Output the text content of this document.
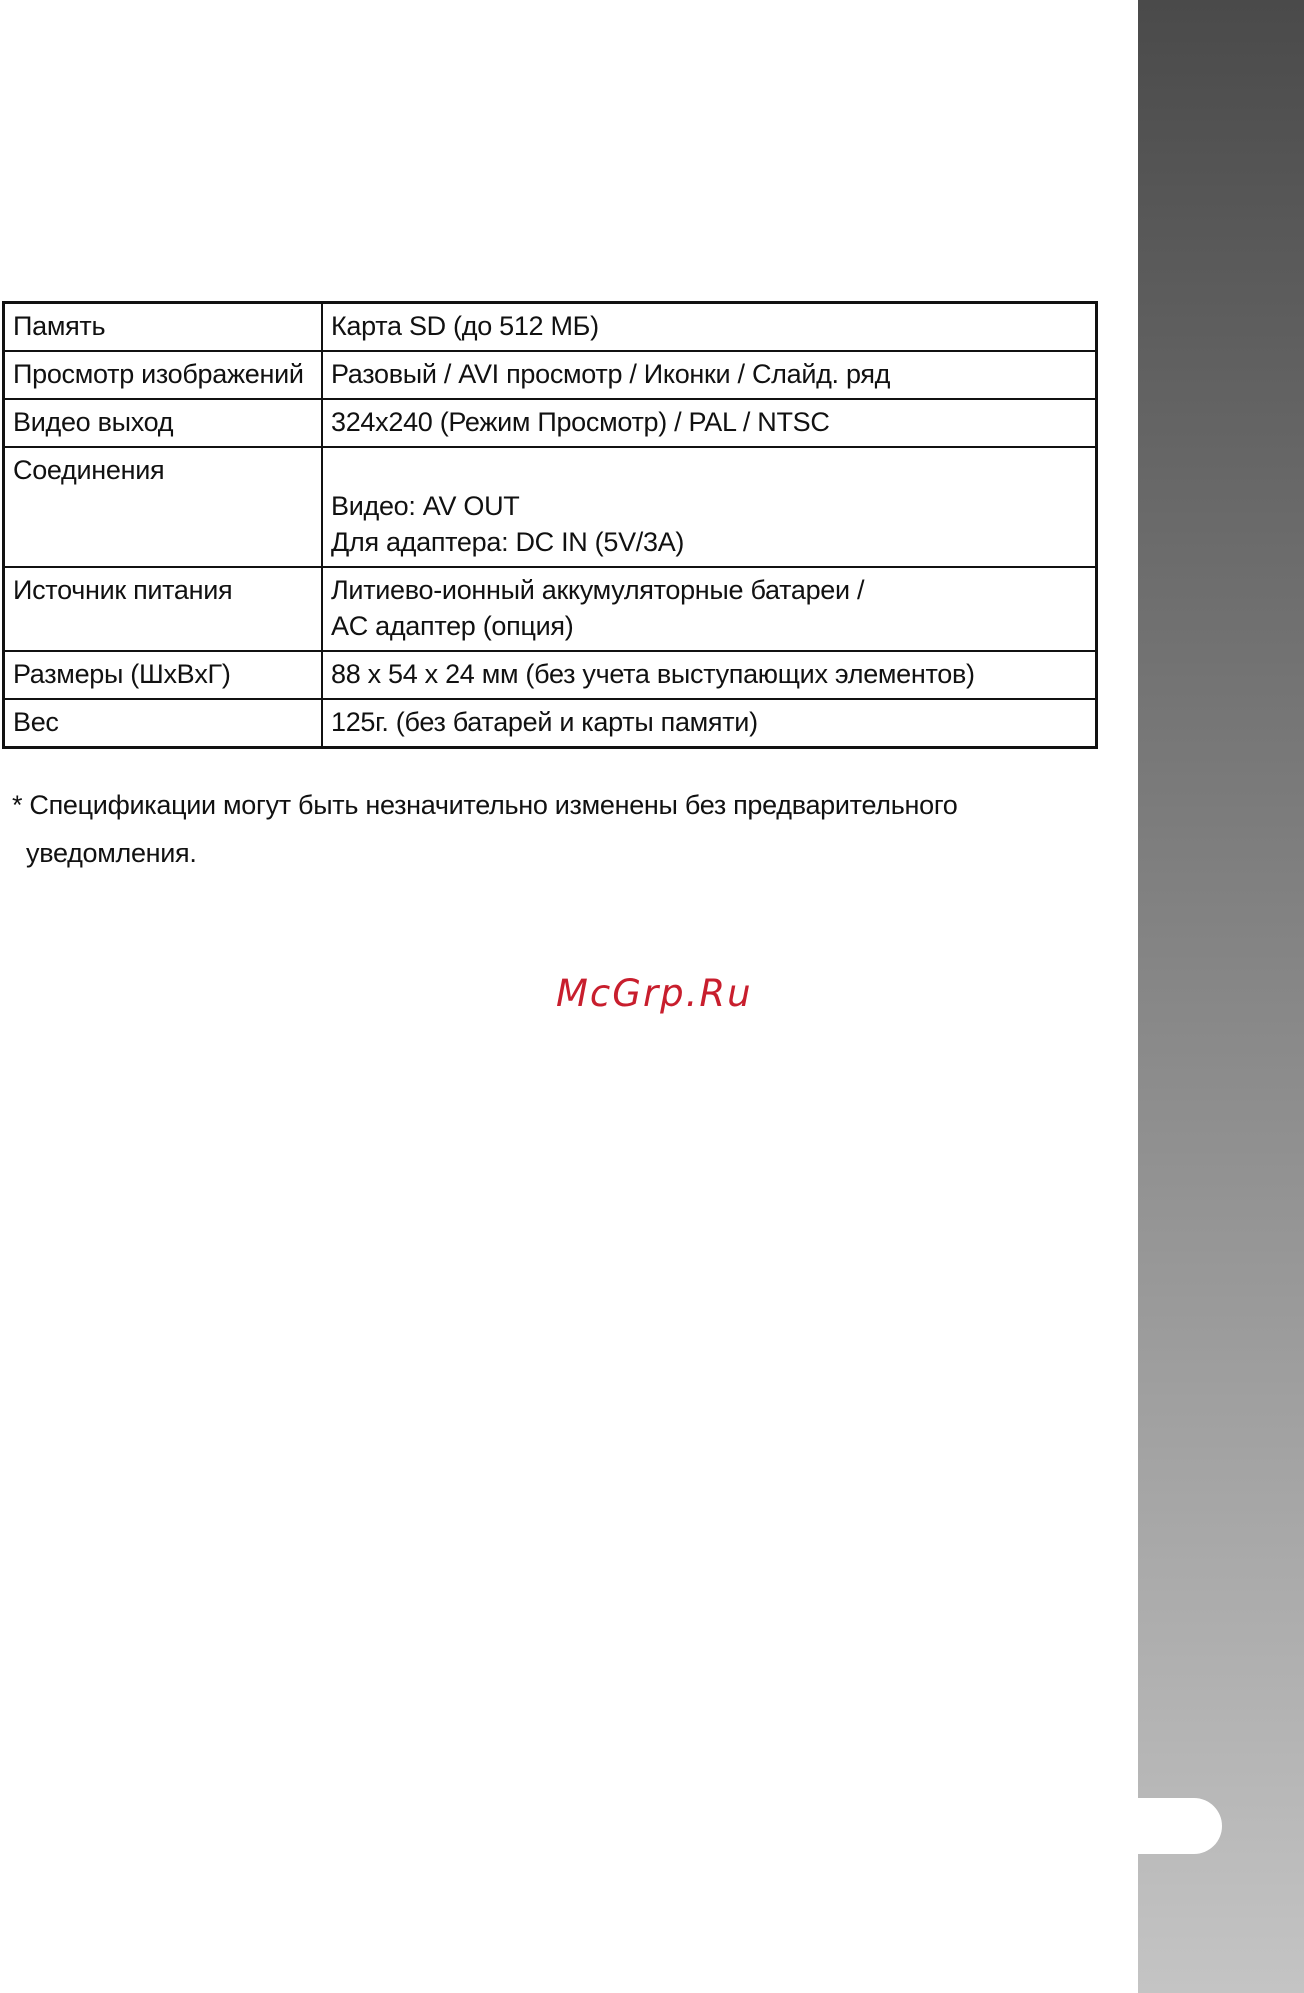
Память	Карта SD (до 512 МБ)

Просмотр изображений	Разовый / AVI просмотр / Иконки / Слайд. ряд

Видео выход	324x240 (Режим Просмотр) / PAL / NTSC

Соединения	Видео: AV OUT
Для адаптера: DC IN (5V/3A)

Источник питания	Литиево-ионный аккумуляторные батареи /
AC адаптер (опция)

Размеры (ШxВxГ)	88 x 54 x 24 мм (без учета выступающих элементов)

Вес	125г. (без батарей и карты памяти)
* Спецификации могут быть незначительно изменены без предварительного
уведомления.
McGrp.Ru
